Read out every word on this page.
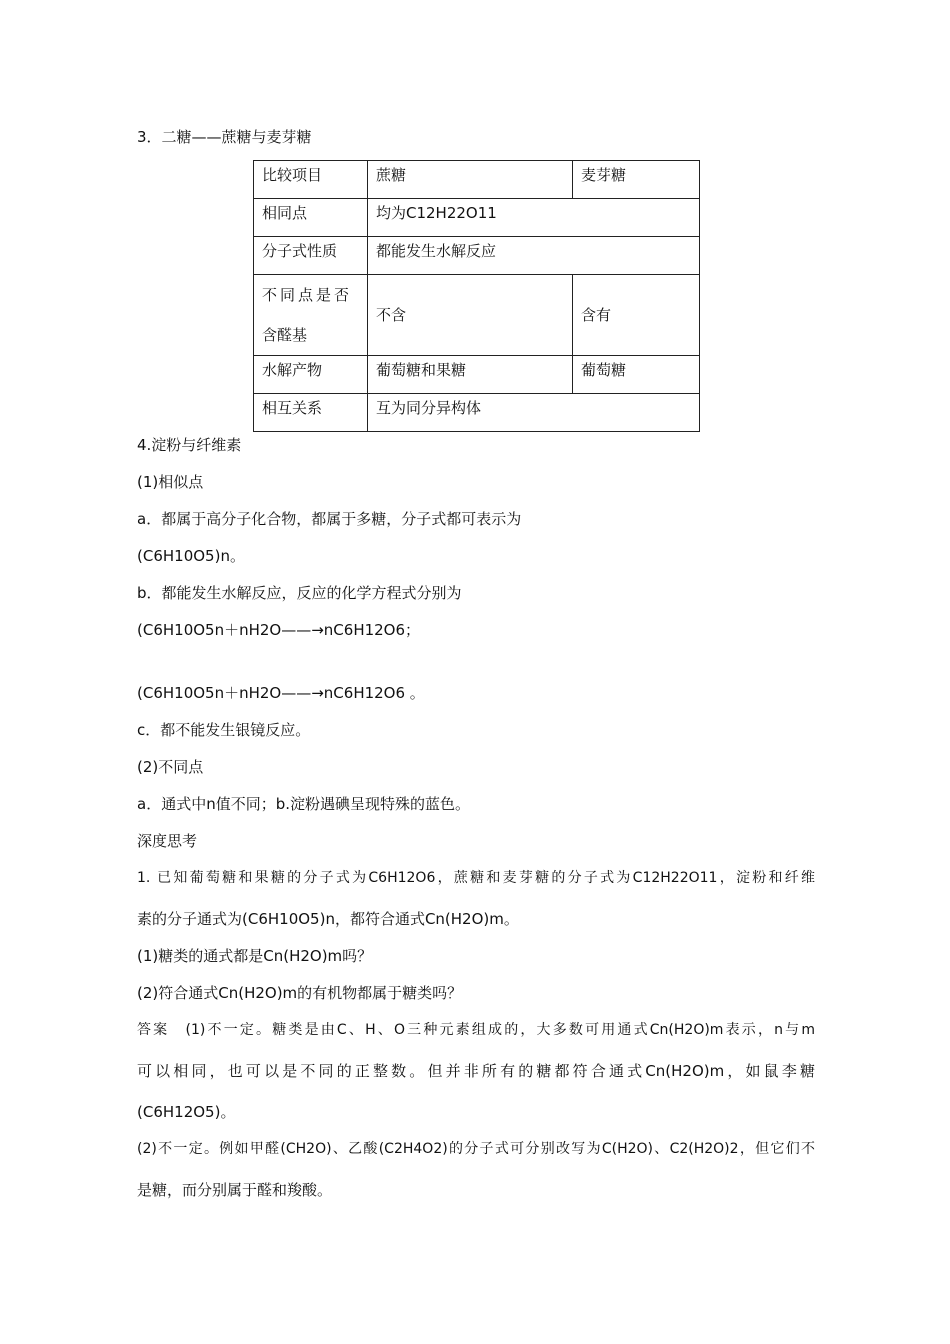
3．二糖——蔗糖与麦芽糖
比较项目	蔗糖	麦芽糖
相同点	均为C12H22O11	
分子式性质	都能发生水解反应	

不同点是否
含醛基	不含	含有
水解产物	葡萄糖和果糖	葡萄糖
相互关系	互为同分异构体	
4.淀粉与纤维素
(1)相似点
a．都属于高分子化合物，都属于多糖，分子式都可表示为
(C6H10O5)n。
b．都能发生水解反应，反应的化学方程式分别为
(C6H10O5n＋nH2O——→nC6H12O6；
(C6H10O5n＋nH2O——→nC6H12O6 。
c．都不能发生银镜反应。
(2)不同点
a．通式中n值不同；b.淀粉遇碘呈现特殊的蓝色。
深度思考
1. 已知葡萄糖和果糖的分子式为C6H12O6，蔗糖和麦芽糖的分子式为C12H22O11，淀粉和纤维
素的分子通式为(C6H10O5)n，都符合通式Cn(H2O)m。
(1)糖类的通式都是Cn(H2O)m吗？
(2)符合通式Cn(H2O)m的有机物都属于糖类吗？
答案　(1)不一定。糖类是由C、H、O三种元素组成的，大多数可用通式Cn(H2O)m表示，n与m
可以相同，也可以是不同的正整数。但并非所有的糖都符合通式Cn(H2O)m，如鼠李糖
(C6H12O5)。
(2)不一定。例如甲醛(CH2O)、乙酸(C2H4O2)的分子式可分别改写为C(H2O)、C2(H2O)2，但它们不
是糖，而分别属于醛和羧酸。
